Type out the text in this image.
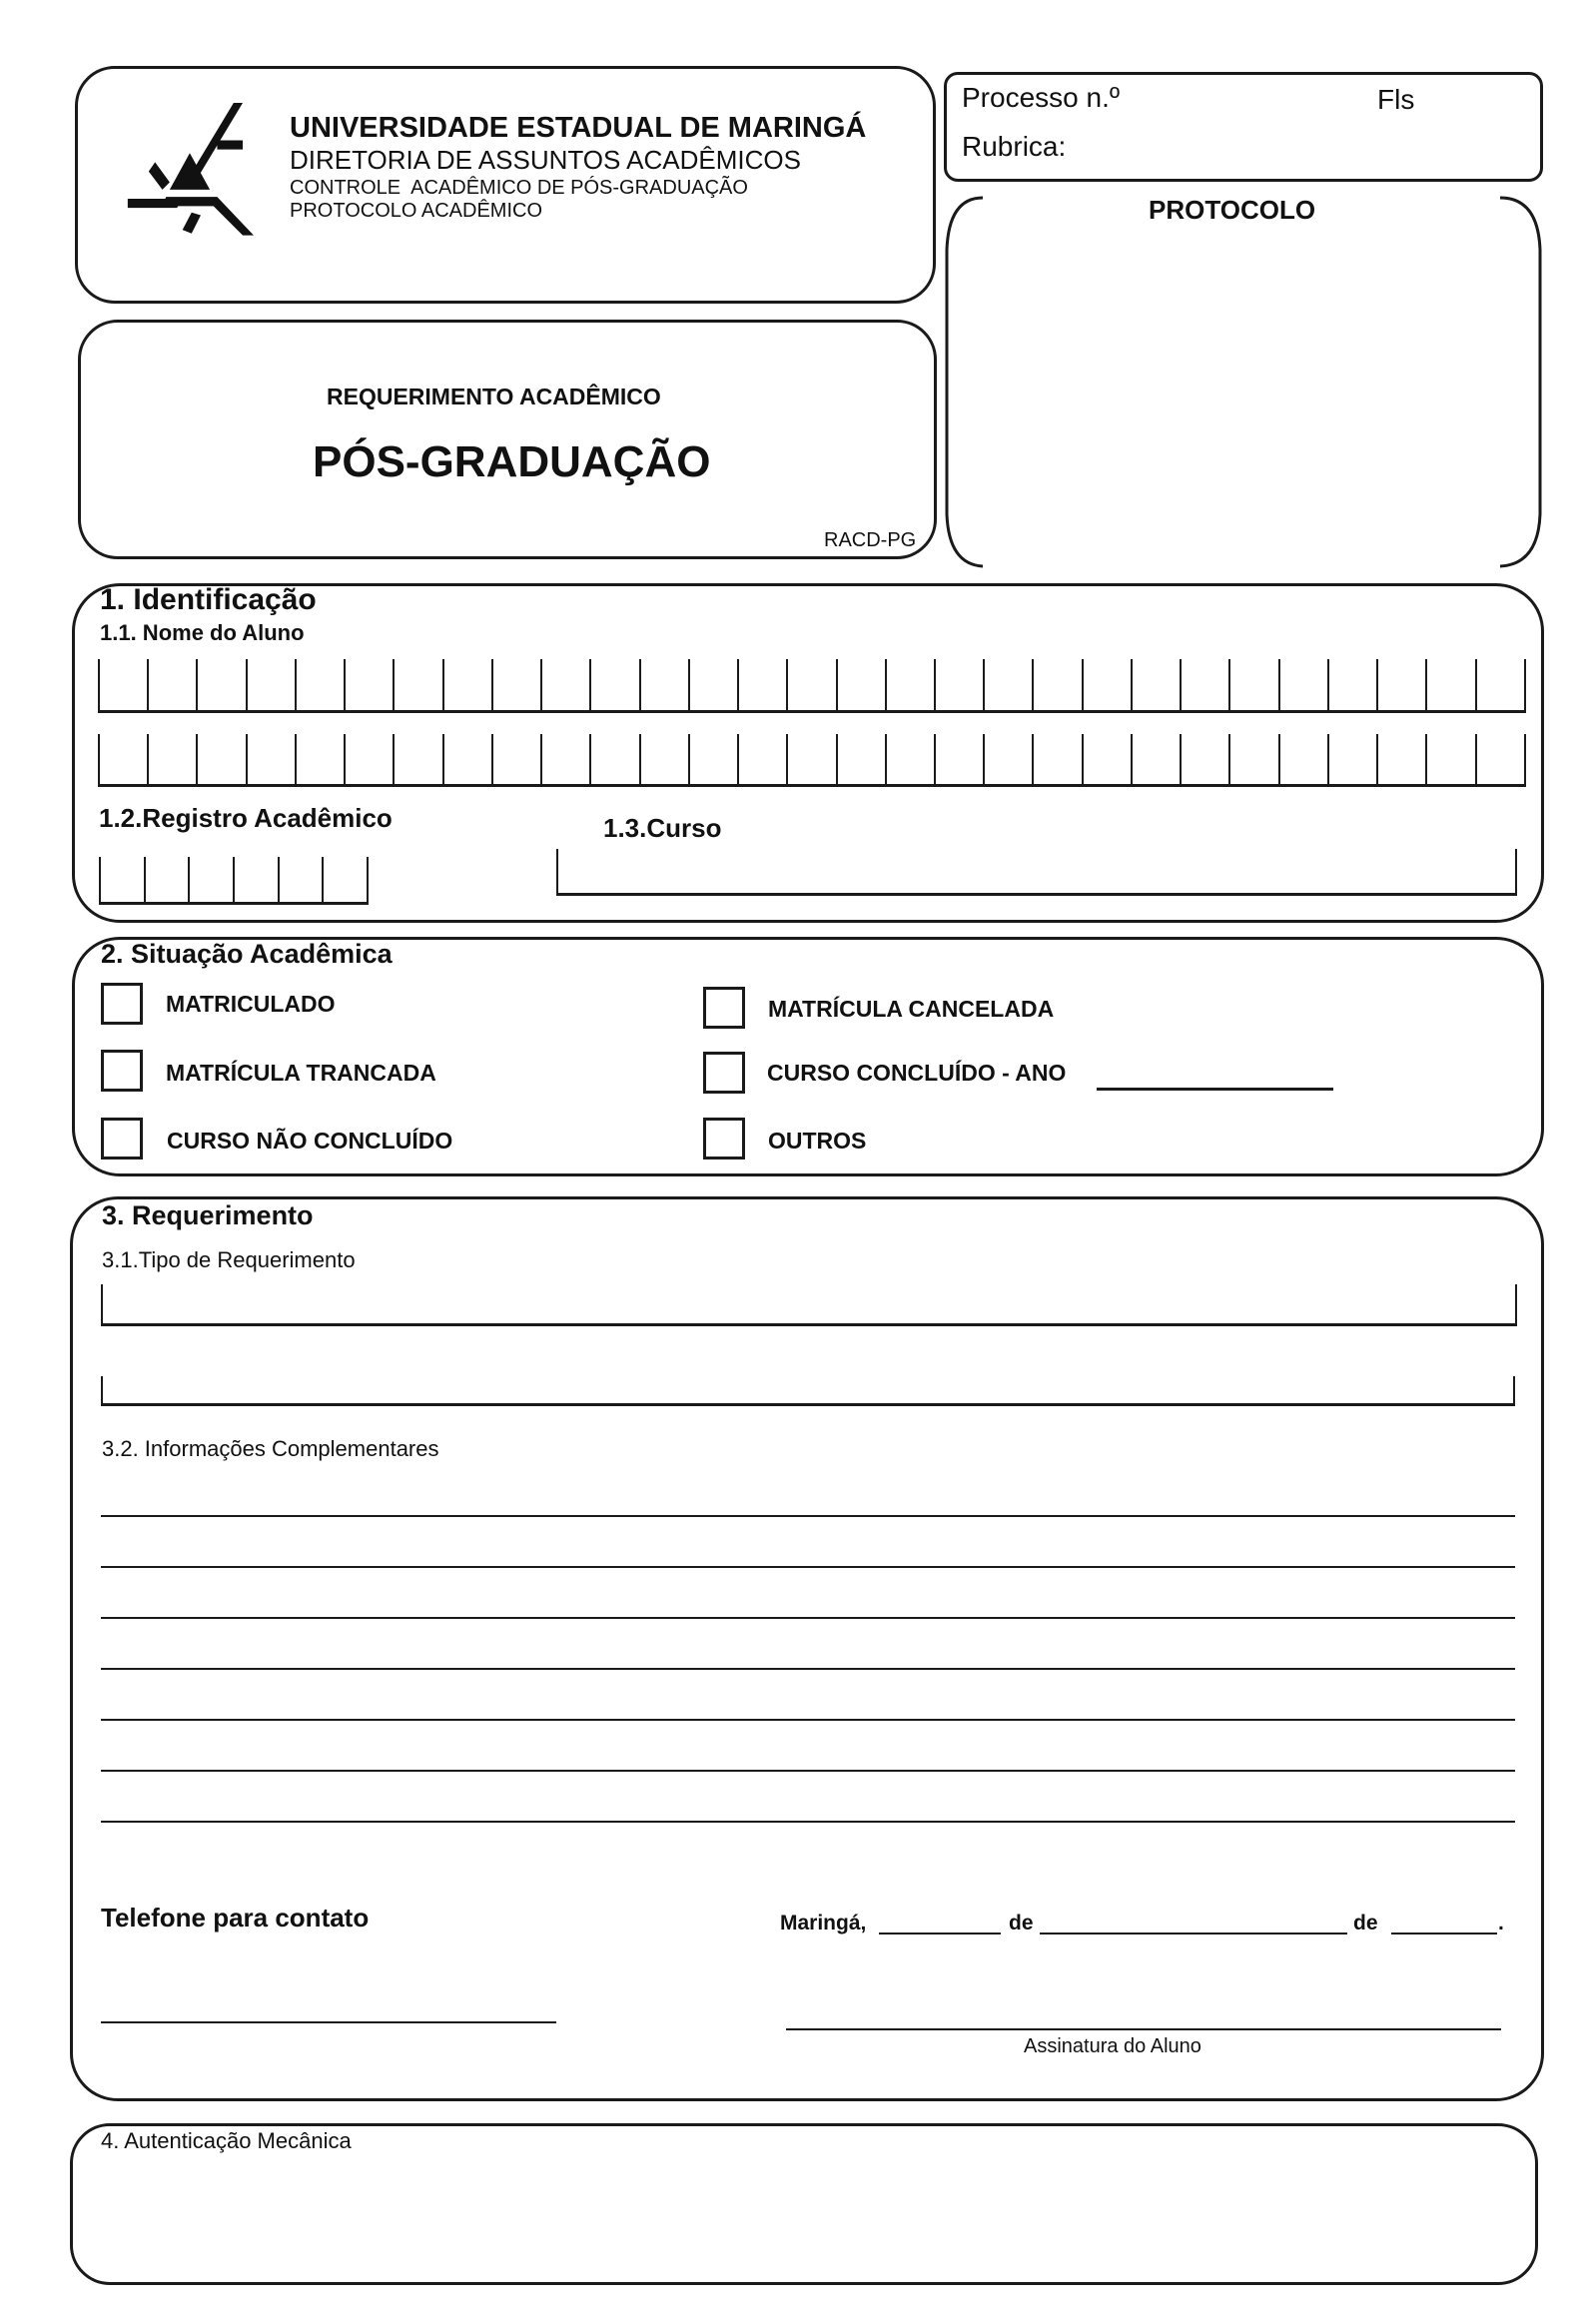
UNIVERSIDADE ESTADUAL DE MARINGÁ
DIRETORIA DE ASSUNTOS ACADÊMICOS
CONTROLE  ACADÊMICO DE PÓS-GRADUAÇÃO
PROTOCOLO ACADÊMICO
Processo n.º	Fls
Rubrica:
PROTOCOLO
REQUERIMENTO ACADÊMICO
PÓS-GRADUAÇÃO
RACD-PG
1. Identificação
1.1. Nome do Aluno
1.2.Registro Acadêmico	1.3.Curso
2. Situação Acadêmica
MATRICULADO	MATRÍCULA CANCELADA
MATRÍCULA TRANCADA	CURSO CONCLUÍDO - ANO
CURSO NÃO CONCLUÍDO	OUTROS
3. Requerimento
3.1.Tipo de Requerimento
3.2. Informações Complementares
Telefone para contato	Maringá,	de	de	.
Assinatura do Aluno
4. Autenticação Mecânica
